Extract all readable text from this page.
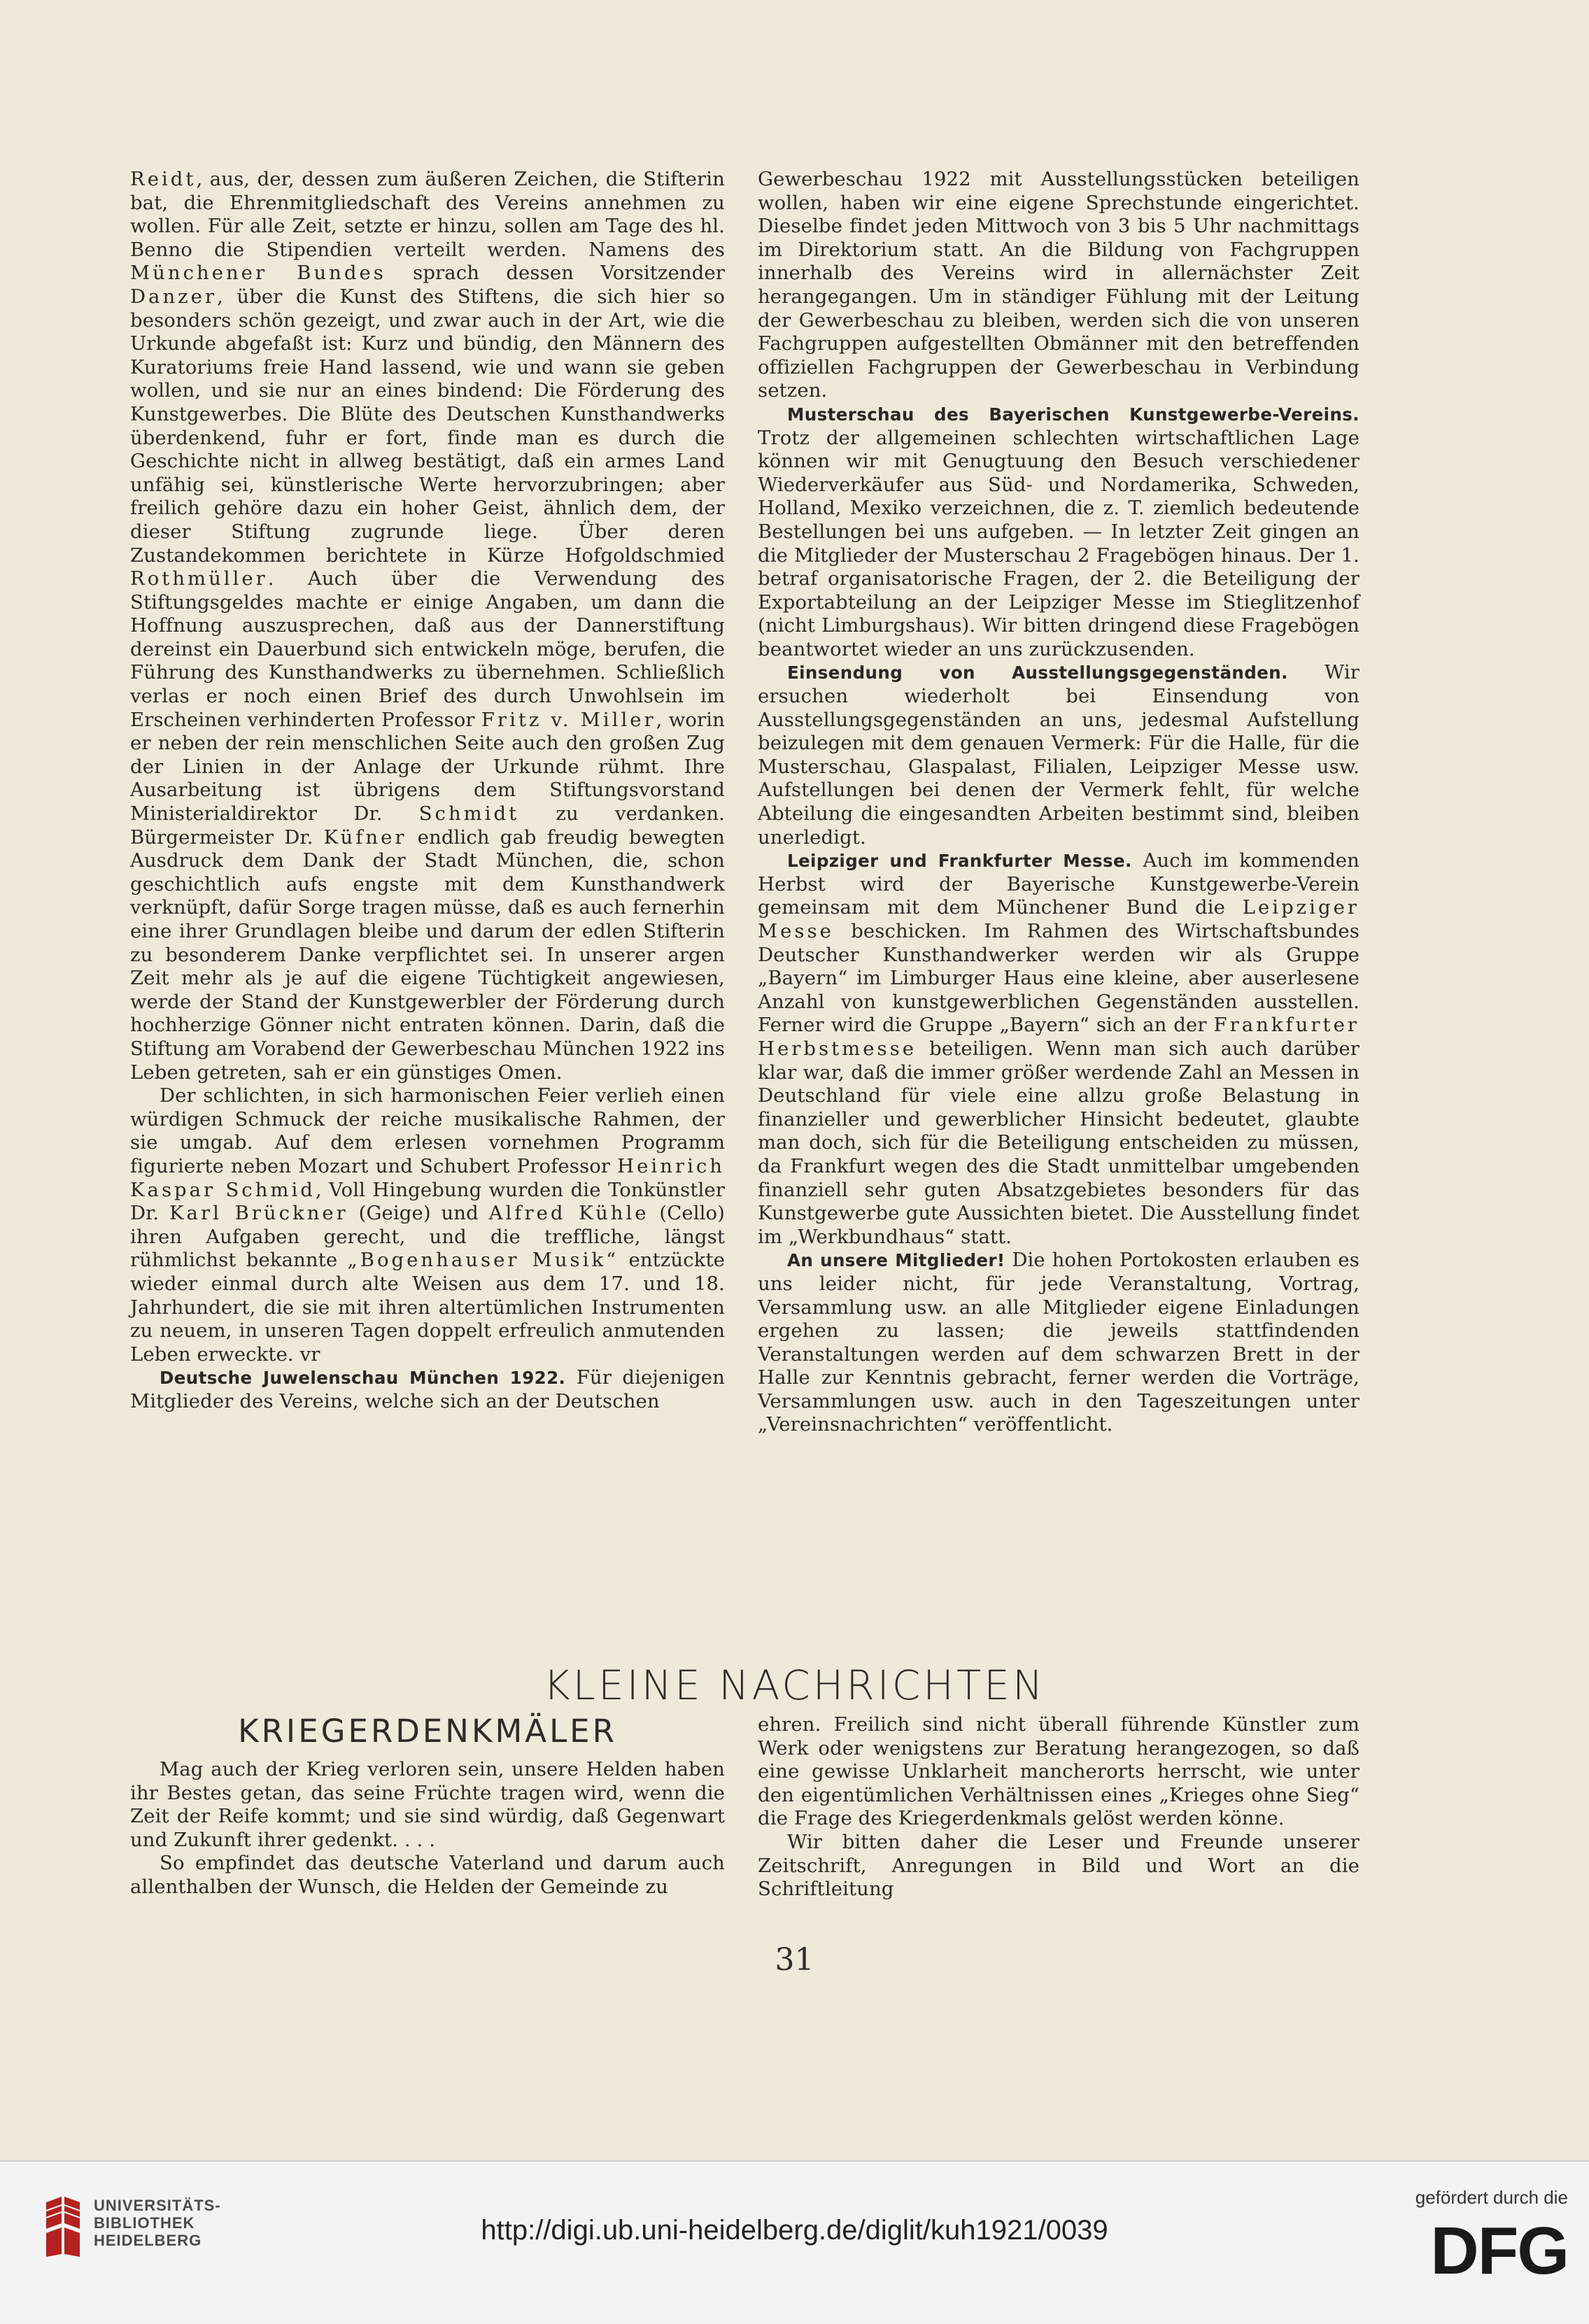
Reidt, aus, der, dessen zum äußeren Zeichen, die Stifterin bat, die Ehrenmitgliedschaft des Vereins annehmen zu wollen. Für alle Zeit, setzte er hinzu, sollen am Tage des hl. Benno die Stipendien verteilt werden. Namens des Münchener Bundes sprach dessen Vorsitzender Danzer, über die Kunst des Stiftens, die sich hier so besonders schön gezeigt, und zwar auch in der Art, wie die Urkunde abgefaßt ist: Kurz und bündig, den Männern des Kuratoriums freie Hand lassend, wie und wann sie geben wollen, und sie nur an eines bindend: Die Förderung des Kunstgewerbes. Die Blüte des Deutschen Kunsthandwerks überdenkend, fuhr er fort, finde man es durch die Geschichte nicht in allweg bestätigt, daß ein armes Land unfähig sei, künstlerische Werte hervorzubringen; aber freilich gehöre dazu ein hoher Geist, ähnlich dem, der dieser Stiftung zugrunde liege. Über deren Zustandekommen berichtete in Kürze Hofgoldschmied Rothmüller. Auch über die Verwendung des Stiftungsgeldes machte er einige Angaben, um dann die Hoffnung auszusprechen, daß aus der Dannerstiftung dereinst ein Dauerbund sich entwickeln möge, berufen, die Führung des Kunsthandwerks zu übernehmen. Schließlich verlas er noch einen Brief des durch Unwohlsein im Erscheinen verhinderten Professor Fritz v. Miller, worin er neben der rein menschlichen Seite auch den großen Zug der Linien in der Anlage der Urkunde rühmt. Ihre Ausarbeitung ist übrigens dem Stiftungsvorstand Ministerialdirektor Dr. Schmidt zu verdanken. Bürgermeister Dr. Küfner endlich gab freudig bewegten Ausdruck dem Dank der Stadt München, die, schon geschichtlich aufs engste mit dem Kunsthandwerk verknüpft, dafür Sorge tragen müsse, daß es auch fernerhin eine ihrer Grundlagen bleibe und darum der edlen Stifterin zu besonderem Danke verpflichtet sei. In unserer argen Zeit mehr als je auf die eigene Tüchtigkeit angewiesen, werde der Stand der Kunstgewerbler der Förderung durch hochherzige Gönner nicht entraten können. Darin, daß die Stiftung am Vorabend der Gewerbeschau München 1922 ins Leben getreten, sah er ein günstiges Omen.

Der schlichten, in sich harmonischen Feier verlieh einen würdigen Schmuck der reiche musikalische Rahmen, der sie umgab. Auf dem erlesen vornehmen Programm figurierte neben Mozart und Schubert Professor Heinrich Kaspar Schmid, Voll Hingebung wurden die Tonkünstler Dr. Karl Brückner (Geige) und Alfred Kühle (Cello) ihren Aufgaben gerecht, und die treffliche, längst rühmlichst bekannte „Bogenhauser Musik“ entzückte wieder einmal durch alte Weisen aus dem 17. und 18. Jahrhundert, die sie mit ihren altertümlichen Instrumenten zu neuem, in unseren Tagen doppelt erfreulich anmutenden Leben erweckte. vr

Deutsche Juwelenschau München 1922. Für diejenigen Mitglieder des Vereins, welche sich an der Deutschen

Gewerbeschau 1922 mit Ausstellungsstücken beteiligen wollen, haben wir eine eigene Sprechstunde eingerichtet. Dieselbe findet jeden Mittwoch von 3 bis 5 Uhr nachmittags im Direktorium statt. An die Bildung von Fachgruppen innerhalb des Vereins wird in allernächster Zeit herangegangen. Um in ständiger Fühlung mit der Leitung der Gewerbeschau zu bleiben, werden sich die von unseren Fachgruppen aufgestellten Obmänner mit den betreffenden offiziellen Fachgruppen der Gewerbeschau in Verbindung setzen.

Musterschau des Bayerischen Kunstgewerbe-Vereins. Trotz der allgemeinen schlechten wirtschaftlichen Lage können wir mit Genugtuung den Besuch verschiedener Wiederverkäufer aus Süd- und Nordamerika, Schweden, Holland, Mexiko verzeichnen, die z. T. ziemlich bedeutende Bestellungen bei uns aufgeben. — In letzter Zeit gingen an die Mitglieder der Musterschau 2 Fragebögen hinaus. Der 1. betraf organisatorische Fragen, der 2. die Beteiligung der Exportabteilung an der Leipziger Messe im Stieglitzenhof (nicht Limburgshaus). Wir bitten dringend diese Fragebögen beantwortet wieder an uns zurückzusenden.

Einsendung von Ausstellungsgegenständen. Wir ersuchen wiederholt bei Einsendung von Ausstellungsgegenständen an uns, jedesmal Aufstellung beizulegen mit dem genauen Vermerk: Für die Halle, für die Musterschau, Glaspalast, Filialen, Leipziger Messe usw. Aufstellungen bei denen der Vermerk fehlt, für welche Abteilung die eingesandten Arbeiten bestimmt sind, bleiben unerledigt.

Leipziger und Frankfurter Messe. Auch im kommenden Herbst wird der Bayerische Kunstgewerbe-Verein gemeinsam mit dem Münchener Bund die Leipziger Messe beschicken. Im Rahmen des Wirtschaftsbundes Deutscher Kunsthandwerker werden wir als Gruppe „Bayern“ im Limburger Haus eine kleine, aber auserlesene Anzahl von kunstgewerblichen Gegenständen ausstellen. Ferner wird die Gruppe „Bayern“ sich an der Frankfurter Herbstmesse beteiligen. Wenn man sich auch darüber klar war, daß die immer größer werdende Zahl an Messen in Deutschland für viele eine allzu große Belastung in finanzieller und gewerblicher Hinsicht bedeutet, glaubte man doch, sich für die Beteiligung entscheiden zu müssen, da Frankfurt wegen des die Stadt unmittelbar umgebenden finanziell sehr guten Absatzgebietes besonders für das Kunstgewerbe gute Aussichten bietet. Die Ausstellung findet im „Werkbundhaus“ statt.

An unsere Mitglieder! Die hohen Portokosten erlauben es uns leider nicht, für jede Veranstaltung, Vortrag, Versammlung usw. an alle Mitglieder eigene Einladungen ergehen zu lassen; die jeweils stattfindenden Veranstaltungen werden auf dem schwarzen Brett in der Halle zur Kenntnis gebracht, ferner werden die Vorträge, Versammlungen usw. auch in den Tageszeitungen unter „Vereinsnachrichten“ veröffentlicht.

KLEINE NACHRICHTEN
KRIEGERDENKMÄLER

Mag auch der Krieg verloren sein, unsere Helden haben ihr Bestes getan, das seine Früchte tragen wird, wenn die Zeit der Reife kommt; und sie sind würdig, daß Gegenwart und Zukunft ihrer gedenkt. . . .

So empfindet das deutsche Vaterland und darum auch allenthalben der Wunsch, die Helden der Gemeinde zu

ehren. Freilich sind nicht überall führende Künstler zum Werk oder wenigstens zur Beratung herangezogen, so daß eine gewisse Unklarheit mancherorts herrscht, wie unter den eigentümlichen Verhältnissen eines „Krieges ohne Sieg“ die Frage des Kriegerdenkmals gelöst werden könne.

Wir bitten daher die Leser und Freunde unserer Zeitschrift, Anregungen in Bild und Wort an die Schriftleitung

31
UNIVERSITÄTS-
BIBLIOTHEK
HEIDELBERG	http://digi.ub.uni-heidelberg.de/diglit/kuh1921/0039
gefördert durch die
DFG
